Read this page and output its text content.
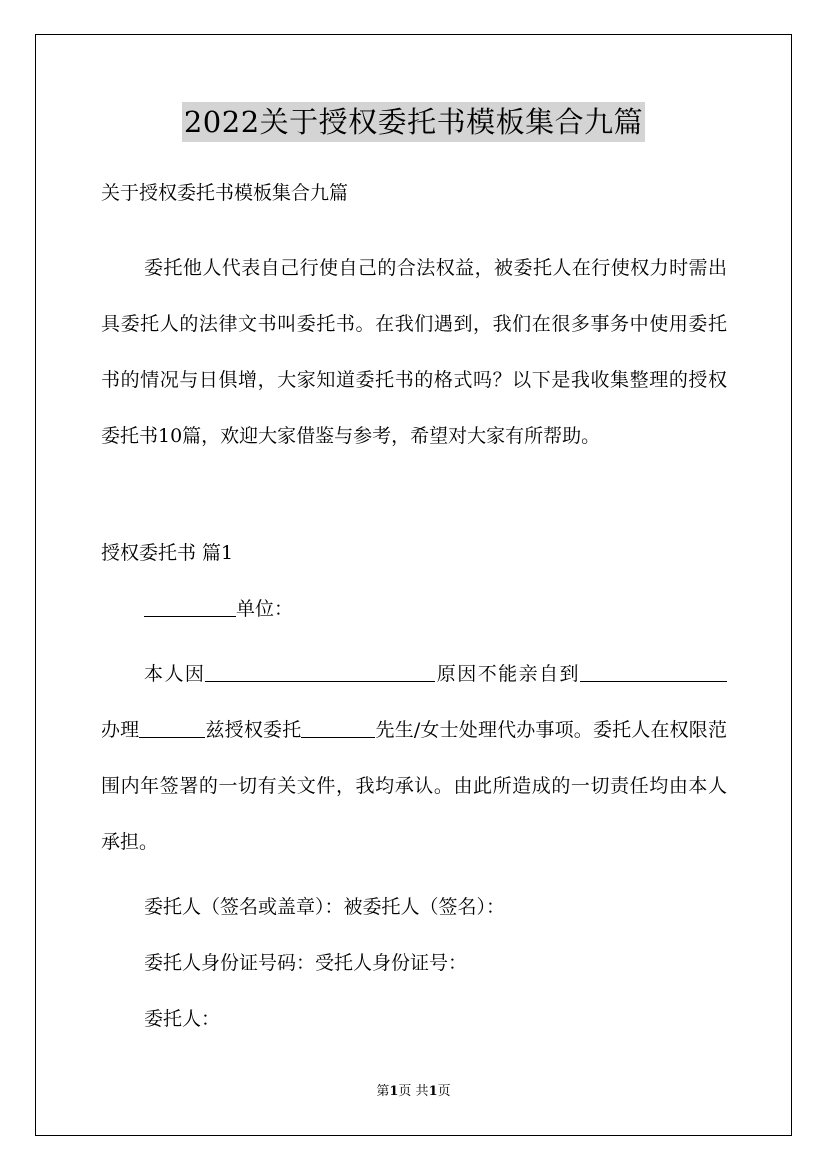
2022关于授权委托书模板集合九篇
关于授权委托书模板集合九篇

委托他人代表自己行使自己的合法权益，被委托人在行使权力时需出具委托人的法律文书叫委托书。在我们遇到，我们在很多事务中使用委托书的情况与日俱增，大家知道委托书的格式吗？以下是我收集整理的授权委托书10篇，欢迎大家借鉴与参考，希望对大家有所帮助。

授权委托书 篇1
单位：

本人因	原因不能亲自到办理	兹授权委托	先生/女士处理代办事项。委托人在权限范围内年签署的一切有关文件，我均承认。由此所造成的一切责任均由本人承担。

委托人（签名或盖章）：被委托人（签名）：
委托人身份证号码：受托人身份证号：
委托人：
第1页 共1页
